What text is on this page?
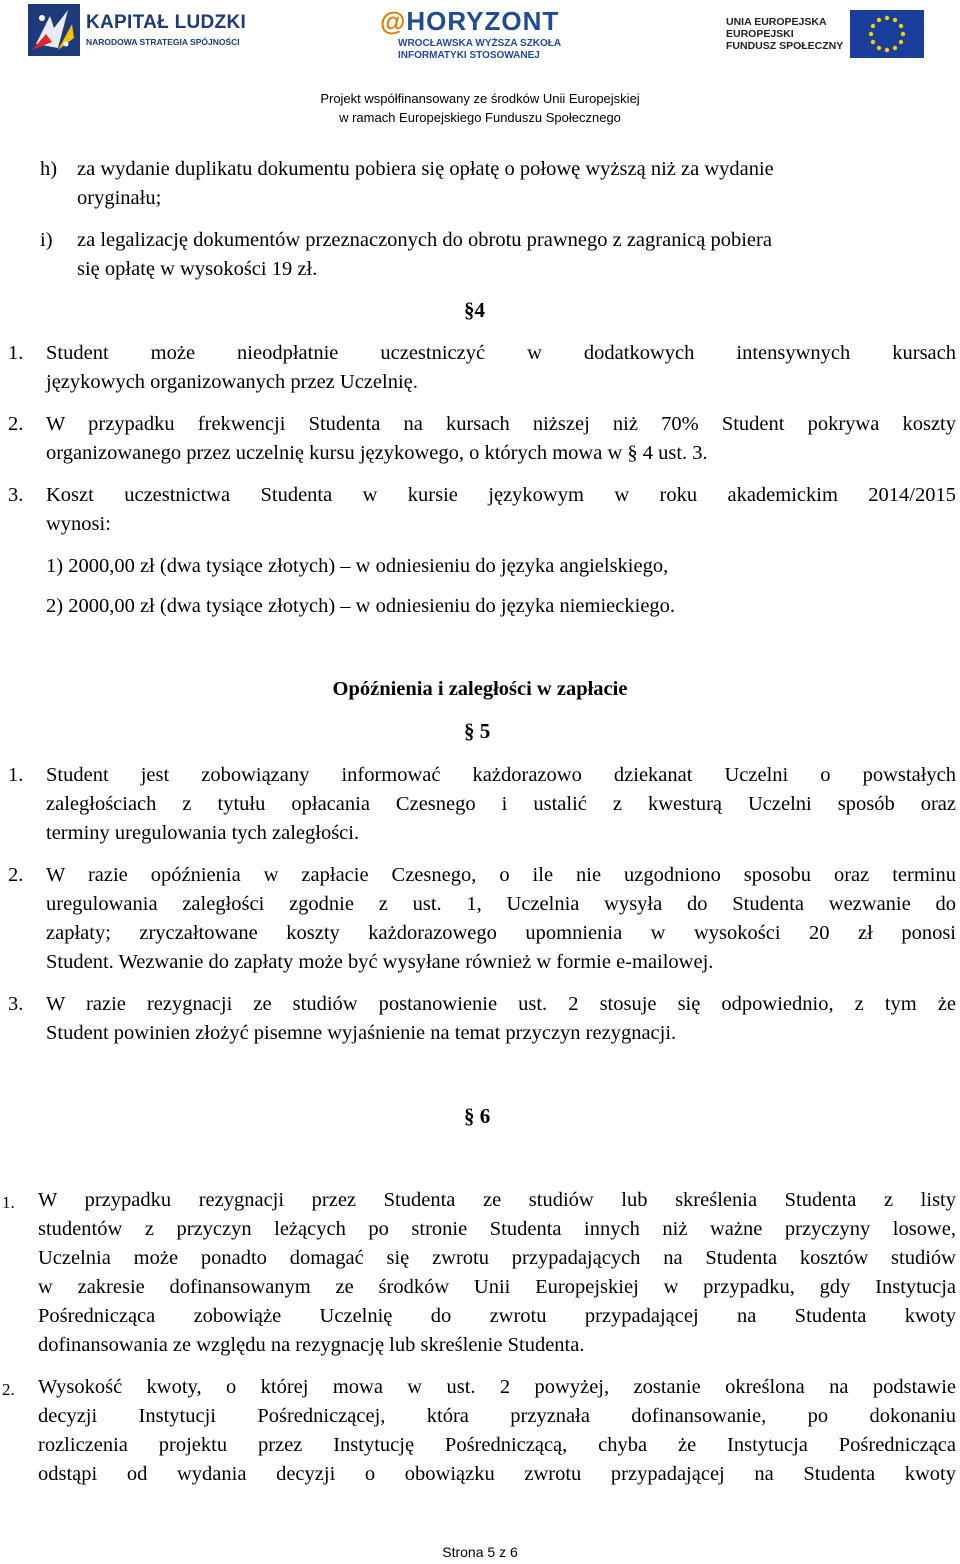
KAPITAŁ LUDZKI
NARODOWA STRATEGIA SPÓJNOŚCI
@HORYZONT
WROCŁAWSKA WYŻSZA SZKOŁA
INFORMATYKI STOSOWANEJ
UNIA EUROPEJSKA
EUROPEJSKI
FUNDUSZ SPOŁECZNY
Projekt współfinansowany ze środków Unii Europejskiej
w ramach Europejskiego Funduszu Społecznego
h) za wydanie duplikatu dokumentu pobiera się opłatę o połowę wyższą niż za wydanie
oryginału;
i) za legalizację dokumentów przeznaczonych do obrotu prawnego z zagranicą pobiera
się opłatę w wysokości 19 zł.
§4
1. Student może nieodpłatnie uczestniczyć w dodatkowych intensywnych kursach
językowych organizowanych przez Uczelnię.
2. W przypadku frekwencji Studenta na kursach niższej niż 70% Student pokrywa koszty
organizowanego przez uczelnię kursu językowego, o których mowa w § 4 ust. 3.
3. Koszt uczestnictwa Studenta w kursie językowym w roku akademickim 2014/2015
wynosi:
1) 2000,00 zł (dwa tysiące złotych) – w odniesieniu do języka angielskiego,
2) 2000,00 zł (dwa tysiące złotych) – w odniesieniu do języka niemieckiego.
Opóźnienia i zaległości w zapłacie
§ 5
1. Student jest zobowiązany informować każdorazowo dziekanat Uczelni o powstałych
zaległościach z tytułu opłacania Czesnego i ustalić z kwesturą Uczelni sposób oraz
terminy uregulowania tych zaległości.
2. W razie opóźnienia w zapłacie Czesnego, o ile nie uzgodniono sposobu oraz terminu
uregulowania zaległości zgodnie z ust. 1, Uczelnia wysyła do Studenta wezwanie do
zapłaty; zryczałtowane koszty każdorazowego upomnienia w wysokości 20 zł ponosi
Student. Wezwanie do zapłaty może być wysyłane również w formie e-mailowej.
3. W razie rezygnacji ze studiów postanowienie ust. 2 stosuje się odpowiednio, z tym że
Student powinien złożyć pisemne wyjaśnienie na temat przyczyn rezygnacji.
§ 6
1. W przypadku rezygnacji przez Studenta ze studiów lub skreślenia Studenta z listy
studentów z przyczyn leżących po stronie Studenta innych niż ważne przyczyny losowe,
Uczelnia może ponadto domagać się zwrotu przypadających na Studenta kosztów studiów
w zakresie dofinansowanym ze środków Unii Europejskiej w przypadku, gdy Instytucja
Pośrednicząca zobowiąże Uczelnię do zwrotu przypadającej na Studenta kwoty
dofinansowania ze względu na rezygnację lub skreślenie Studenta.
2. Wysokość kwoty, o której mowa w ust. 2 powyżej, zostanie określona na podstawie
decyzji Instytucji Pośredniczącej, która przyznała dofinansowanie, po dokonaniu
rozliczenia projektu przez Instytucję Pośredniczącą, chyba że Instytucja Pośrednicząca
odstąpi od wydania decyzji o obowiązku zwrotu przypadającej na Studenta kwoty
Strona 5 z 6
